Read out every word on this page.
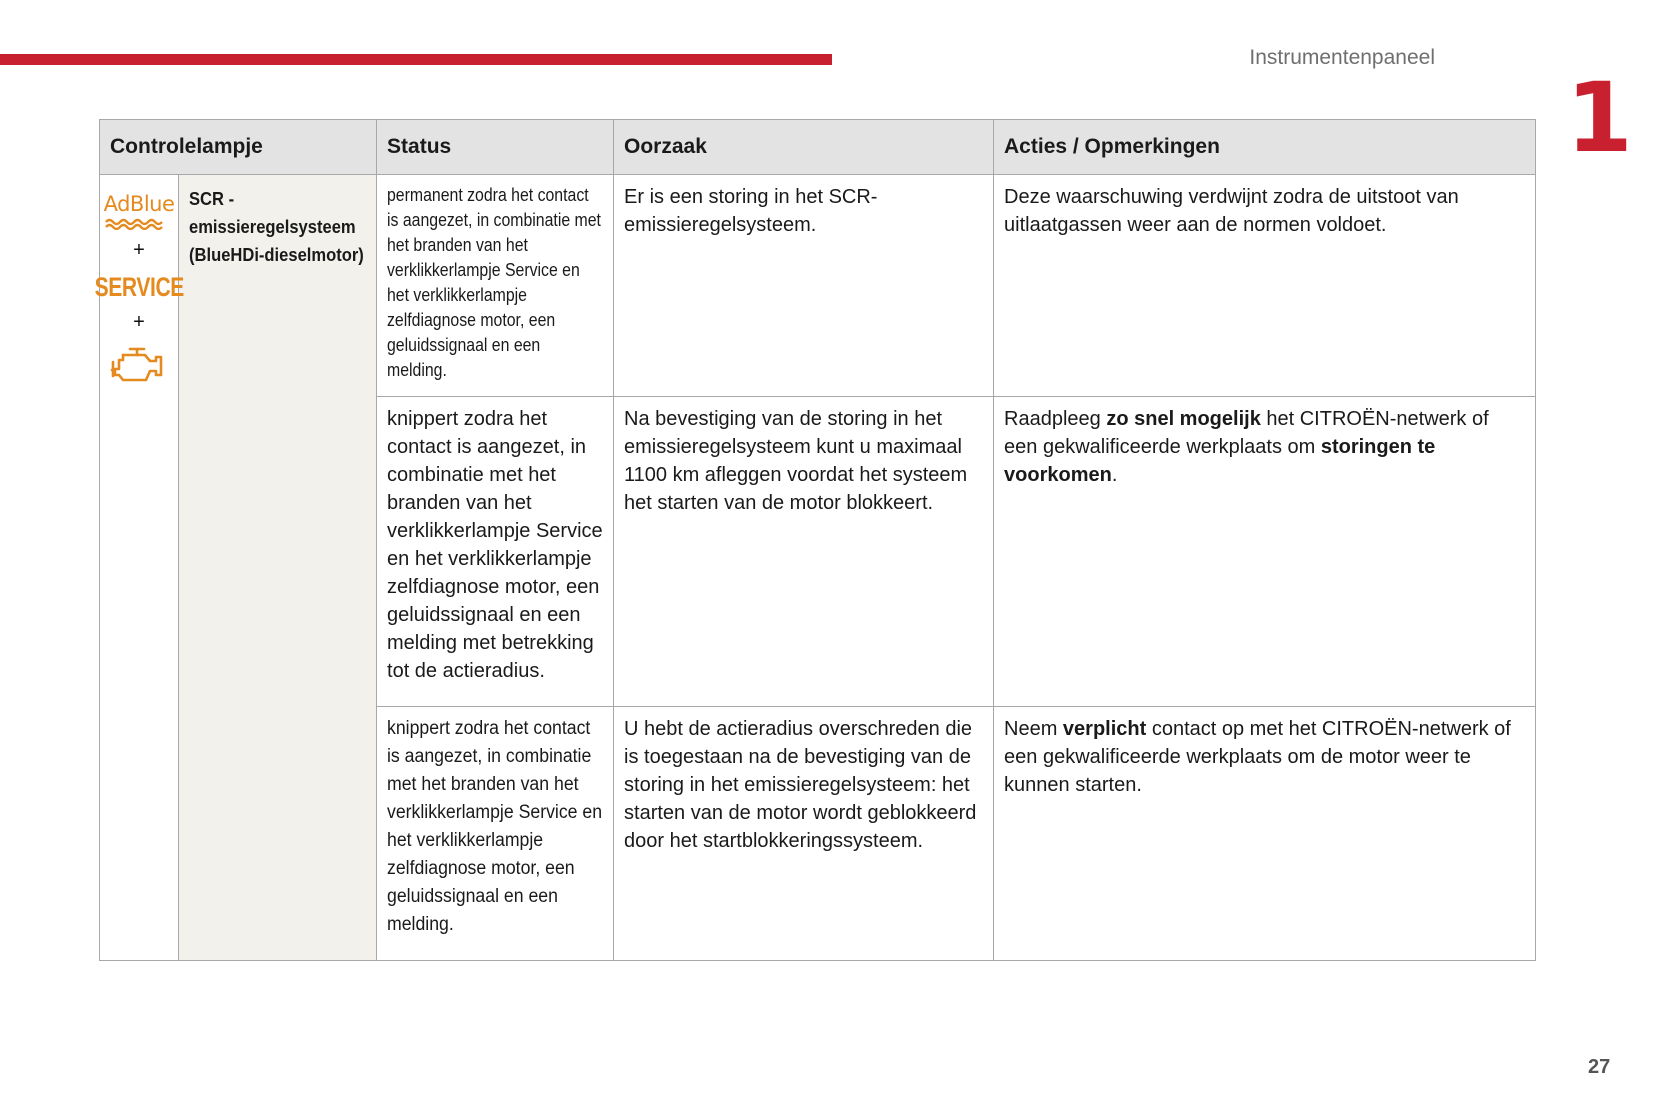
Instrumentenpaneel
1
Controlelampje		Status	Oorzaak	Acties / Opmerkingen

AdBlue
+
SERVICE
+	SCR - emissieregelsysteem (BlueHDi-dieselmotor)	permanent zodra het contact is aangezet, in combinatie met het branden van het verklikkerlampje Service en het verklikkerlampje zelfdiagnose motor, een geluidssignaal en een melding.	Er is een storing in het SCR-emissieregelsysteem.	Deze waarschuwing verdwijnt zodra de uitstoot van uitlaatgassen weer aan de normen voldoet.

		knippert zodra het contact is aangezet, in combinatie met het branden van het verklikkerlampje Service en het verklikkerlampje zelfdiagnose motor, een geluidssignaal en een melding met betrekking tot de actieradius.	Na bevestiging van de storing in het emissieregelsysteem kunt u maximaal 1100 km afleggen voordat het systeem het starten van de motor blokkeert.	Raadpleeg zo snel mogelijk het CITROËN-netwerk of een gekwalificeerde werkplaats om storingen te voorkomen.

		knippert zodra het contact is aangezet, in combinatie met het branden van het verklikkerlampje Service en het verklikkerlampje zelfdiagnose motor, een geluidssignaal en een melding.	U hebt de actieradius overschreden die is toegestaan na de bevestiging van de storing in het emissieregelsysteem: het starten van de motor wordt geblokkeerd door het startblokkeringssysteem.	Neem verplicht contact op met het CITROËN-netwerk of een gekwalificeerde werkplaats om de motor weer te kunnen starten.
27
